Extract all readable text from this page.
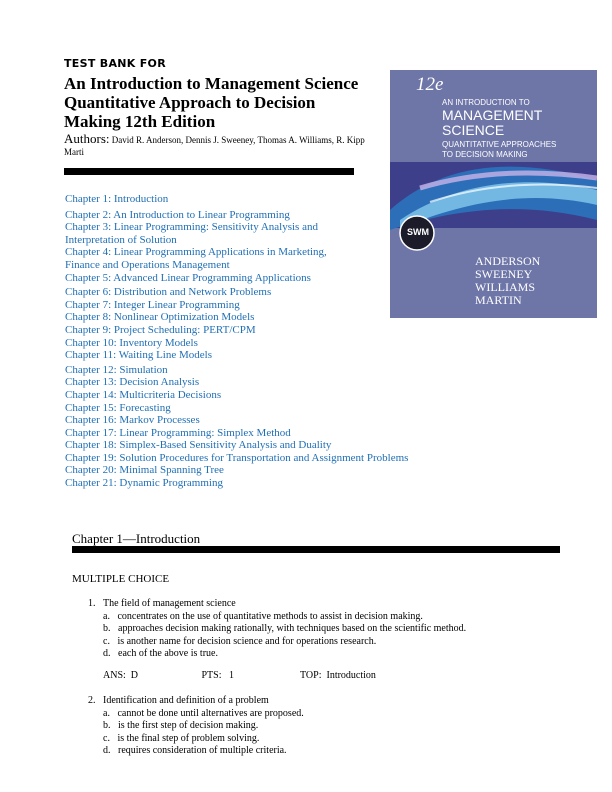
TEST BANK FOR
An Introduction to Management Science Quantitative Approach to Decision Making 12th Edition
Authors: David R. Anderson, Dennis J. Sweeney, Thomas A. Williams, R. Kipp Marti
12e
AN INTRODUCTION TO
MANAGEMENT
SCIENCE
QUANTITATIVE APPROACHES
TO DECISION MAKING
SWM
ANDERSON
SWEENEY
WILLIAMS
MARTIN
Chapter 1: Introduction
Chapter 2: An Introduction to Linear Programming
Chapter 3: Linear Programming: Sensitivity Analysis and
Interpretation of Solution
Chapter 4: Linear Programming Applications in Marketing,
Finance and Operations Management
Chapter 5: Advanced Linear Programming Applications
Chapter 6: Distribution and Network Problems
Chapter 7: Integer Linear Programming
Chapter 8: Nonlinear Optimization Models
Chapter 9: Project Scheduling: PERT/CPM
Chapter 10: Inventory Models
Chapter 11: Waiting Line Models
Chapter 12: Simulation
Chapter 13: Decision Analysis
Chapter 14: Multicriteria Decisions
Chapter 15: Forecasting
Chapter 16: Markov Processes
Chapter 17: Linear Programming: Simplex Method
Chapter 18: Simplex-Based Sensitivity Analysis and Duality
Chapter 19: Solution Procedures for Transportation and Assignment Problems
Chapter 20: Minimal Spanning Tree
Chapter 21: Dynamic Programming
Chapter 1—Introduction
MULTIPLE CHOICE
1.   The field of management science
a.   concentrates on the use of quantitative methods to assist in decision making.
b.   approaches decision making rationally, with techniques based on the scientific method.
c.   is another name for decision science and for operations research.
d.   each of the above is true.
ANS:  D	PTS:   1	TOP:  Introduction
2.   Identification and definition of a problem
a.   cannot be done until alternatives are proposed.
b.   is the first step of decision making.
c.   is the final step of problem solving.
d.   requires consideration of multiple criteria.
